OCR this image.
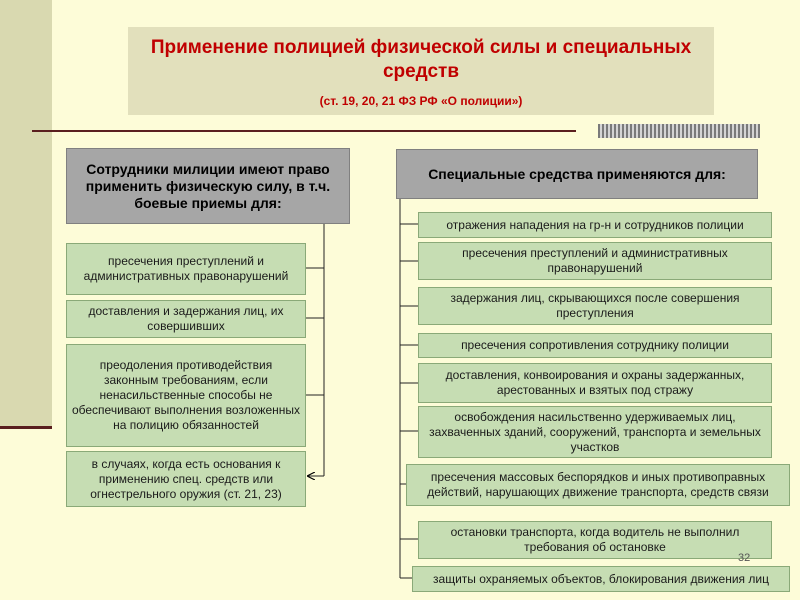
Применение полицией физической силы и специальных средств
(ст. 19, 20, 21 ФЗ РФ «О полиции»)
Сотрудники милиции имеют право применить физическую силу, в т.ч. боевые приемы для:
Специальные средства применяются для:
пресечения преступлений и административных правонарушений
доставления и задержания лиц, их совершивших
преодоления противодействия законным требованиям, если ненасильственные способы не обеспечивают выполнения возложенных на полицию обязанностей
в случаях, когда есть основания к применению спец. средств или огнестрельного оружия (ст. 21, 23)
отражения нападения на гр-н и сотрудников полиции
пресечения преступлений и административных правонарушений
задержания лиц, скрывающихся после совершения преступления
пресечения сопротивления сотруднику полиции
доставления, конвоирования и охраны задержанных, арестованных и взятых под стражу
освобождения насильственно удерживаемых лиц, захваченных зданий, сооружений, транспорта и земельных участков
пресечения массовых беспорядков и иных противоправных действий, нарушающих движение транспорта, средств связи
остановки транспорта, когда водитель не выполнил требования об остановке
защиты охраняемых объектов, блокирования движения лиц
32
